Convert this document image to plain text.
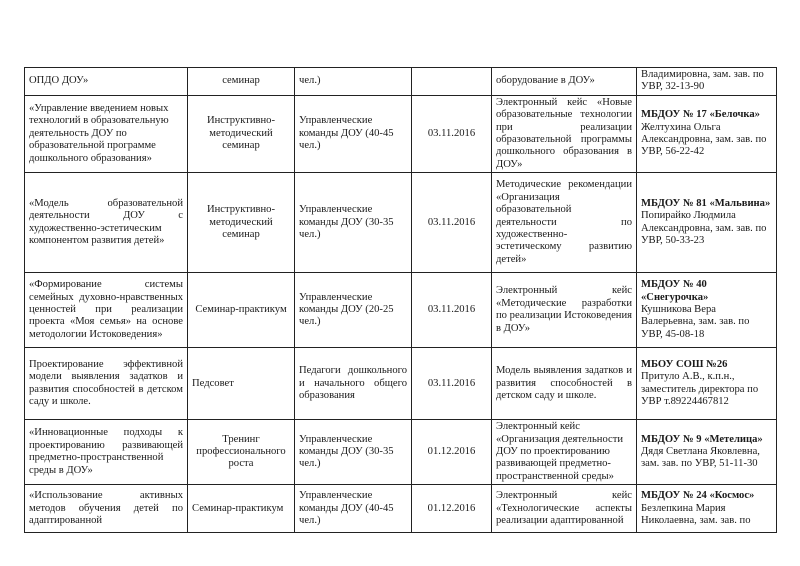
ОПДО ДОУ»	семинар	чел.)		оборудование в ДОУ»	Владимировна, зам. зав. по УВР, 32-13-90

«Управление введением новых технологий в образовательную деятельность ДОУ по образовательной программе дошкольного образования»	Инструктивно-методический семинар	Управленческие команды ДОУ (40-45 чел.)	03.11.2016	Электронный кейс «Новые образовательные технологии при реализации образовательной программы дошкольного образования в ДОУ»	МБДОУ № 17 «Белочка»
Желтухина Ольга Александровна, зам. зав. по УВР, 56-22-42

«Модель образовательной деятельности ДОУ с художественно-эстетическим компонентом развития детей»	Инструктивно-методический семинар	Управленческие команды ДОУ (30-35 чел.)	03.11.2016	Методические рекомендации «Организация образовательной деятельности по художественно-эстетическому развитию детей»	МБДОУ № 81 «Мальвина»
Попирайко Людмила Александровна, зам. зав. по УВР, 50-33-23

«Формирование системы семейных духовно-нравственных ценностей при реализации проекта «Моя семья» на основе методологии Истоковедения»	Семинар-практикум	Управленческие команды ДОУ (20-25 чел.)	03.11.2016	Электронный кейс «Методические разработки по реализации Истоковедения в ДОУ»	МБДОУ № 40 «Снегурочка»
Кушникова Вера Валерьевна, зам. зав. по УВР, 45-08-18

Проектирование эффективной модели выявления задатков и развития способностей в детском саду и школе.	Педсовет	Педагоги дошкольного и начального общего образования	03.11.2016	Модель выявления задатков и развития способностей в детском саду и школе.	МБОУ СОШ №26
Притуло А.В., к.п.н., заместитель директора по УВР т.89224467812

«Инновационные подходы к проектированию развивающей предметно-пространственной среды в ДОУ»	Тренинг профессионального роста	Управленческие команды ДОУ (30-35 чел.)	01.12.2016	Электронный кейс «Организация деятельности ДОУ по проектированию развивающей предметно-пространственной среды»	МБДОУ № 9 «Метелица»
Дядя Светлана Яковлевна, зам. зав. по УВР, 51-11-30

«Использование активных методов обучения детей по адаптированной	Семинар-практикум	Управленческие команды ДОУ (40-45 чел.)	01.12.2016	Электронный кейс «Технологические аспекты реализации адаптированной	МБДОУ № 24 «Космос»
Безлепкина Мария Николаевна, зам. зав. по
